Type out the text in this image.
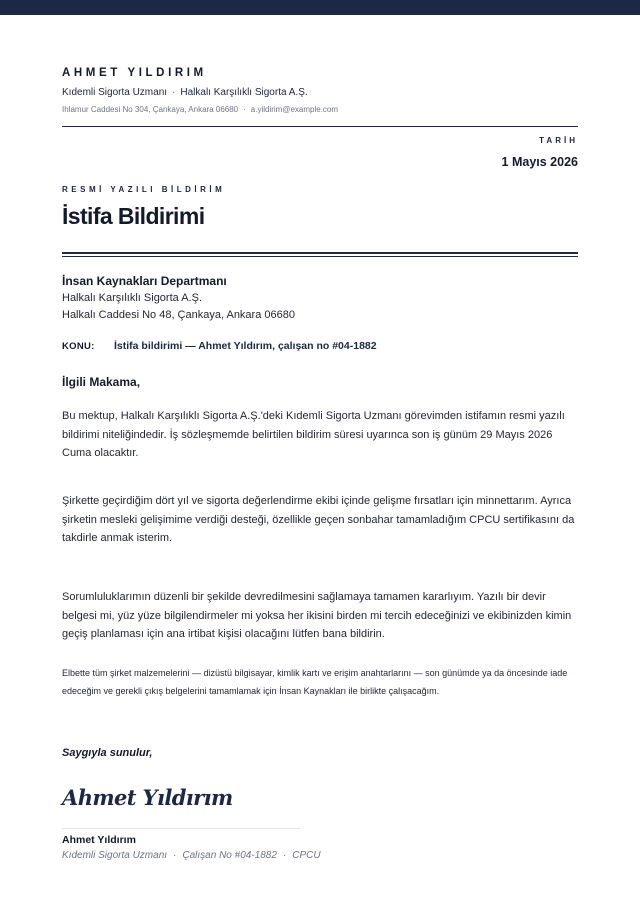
AHMET YILDIRIM
Kıdemli Sigorta Uzmanı · Halkalı Karşılıklı Sigorta A.Ş.
Ihlamur Caddesi No 304, Çankaya, Ankara 06680 · a.yildirim@example.com
TARİH
1 Mayıs 2026
RESMİ YAZILI BİLDİRİM
İstifa Bildirimi
İnsan Kaynakları Departmanı
Halkalı Karşılıklı Sigorta A.Ş.
Halkalı Caddesi No 48, Çankaya, Ankara 06680
KONU: İstifa bildirimi — Ahmet Yıldırım, çalışan no #04-1882
İlgili Makama,

Bu mektup, Halkalı Karşılıklı Sigorta A.Ş.'deki Kıdemli Sigorta Uzmanı görevimden istifamın resmi yazılı bildirimi niteliğindedir. İş sözleşmemde belirtilen bildirim süresi uyarınca son iş günüm 29 Mayıs 2026 Cuma olacaktır.

Şirkette geçirdiğim dört yıl ve sigorta değerlendirme ekibi içinde gelişme fırsatları için minnettarım. Ayrıca şirketin mesleki gelişimime verdiği desteği, özellikle geçen sonbahar tamamladığım CPCU sertifikasını da takdirle anmak isterim.

Sorumluluklarımın düzenli bir şekilde devredilmesini sağlamaya tamamen kararlıyım. Yazılı bir devir belgesi mi, yüz yüze bilgilendirmeler mi yoksa her ikisini birden mi tercih edeceğinizi ve ekibinizden kimin geçiş planlaması için ana irtibat kişisi olacağını lütfen bana bildirin.

Elbette tüm şirket malzemelerini — dizüstü bilgisayar, kimlik kartı ve erişim anahtarlarını — son günümde ya da öncesinde iade edeceğim ve gerekli çıkış belgelerini tamamlamak için İnsan Kaynakları ile birlikte çalışacağım.

Saygıyla sunulur,
Ahmet Yıldırım
Ahmet Yıldırım
Kıdemli Sigorta Uzmanı · Çalışan No #04-1882 · CPCU
